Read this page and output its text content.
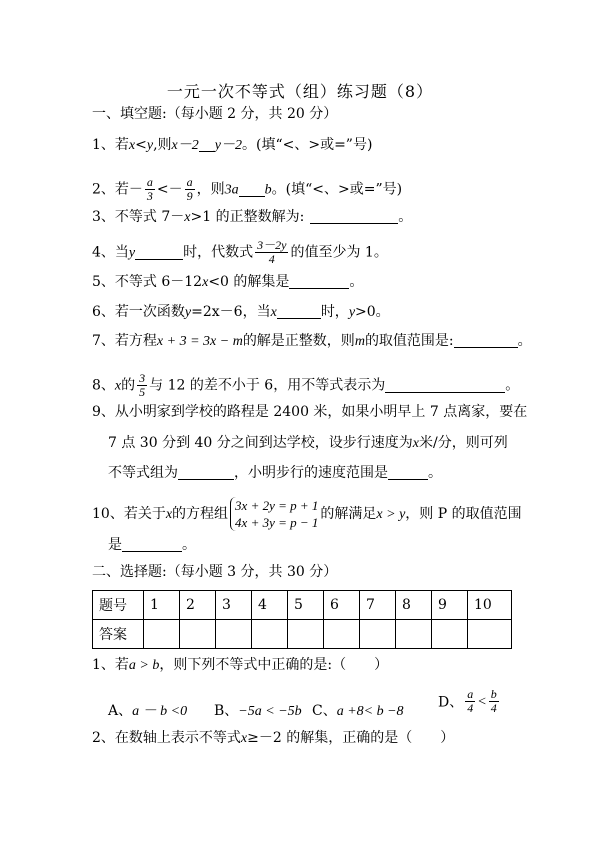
一元一次不等式（组）练习题（8）
一、填空题:（每小题 2 分，共 20 分）
1、若x<y,则x－2 y－2。(填“<、>或=”号)
2、若－ $\frac{a}{3} <- \frac{a}{9}$ ，则3a b。(填“<、>或=”号)
3、不等式 7－x>1 的正整数解为:	。
4、当y	时，代数式 $\frac{3-2y}{4}$ 的值至少为 1。
5、不等式 6－12x<0 的解集是	。
6、若一次函数y=2x－6，当x	时，y>0。
7、若方程x + 3 = 3x − m的解是正整数，则m的取值范围是:	。
8、x的 $\frac{3}{5}$ 与 12 的差不小于 6，用不等式表示为	。
9、从小明家到学校的路程是 2400 米，如果小明早上 7 点离家，要在
7 点 30 分到 40 分之间到达学校，设步行速度为x米/分，则可列
不等式组为	，小明步行的速度范围是	。
10、若关于x的方程组
3x + 2y = p + 1
4x + 3y = p − 1
的解满足x > y，则 P 的取值范围
是	。
二、选择题:（每小题 3 分，共 30 分）
题号	1	2	3	4	5	6	7	8	9	10
答案										
1、若a > b，则下列不等式中正确的是:（　　）
A、a － b <0 B、−5a < −5b C、a +8< b −8
D、 $\frac{a}{4} < \frac{b}{4}$
2、在数轴上表示不等式x≥－2 的解集，正确的是（　　）
